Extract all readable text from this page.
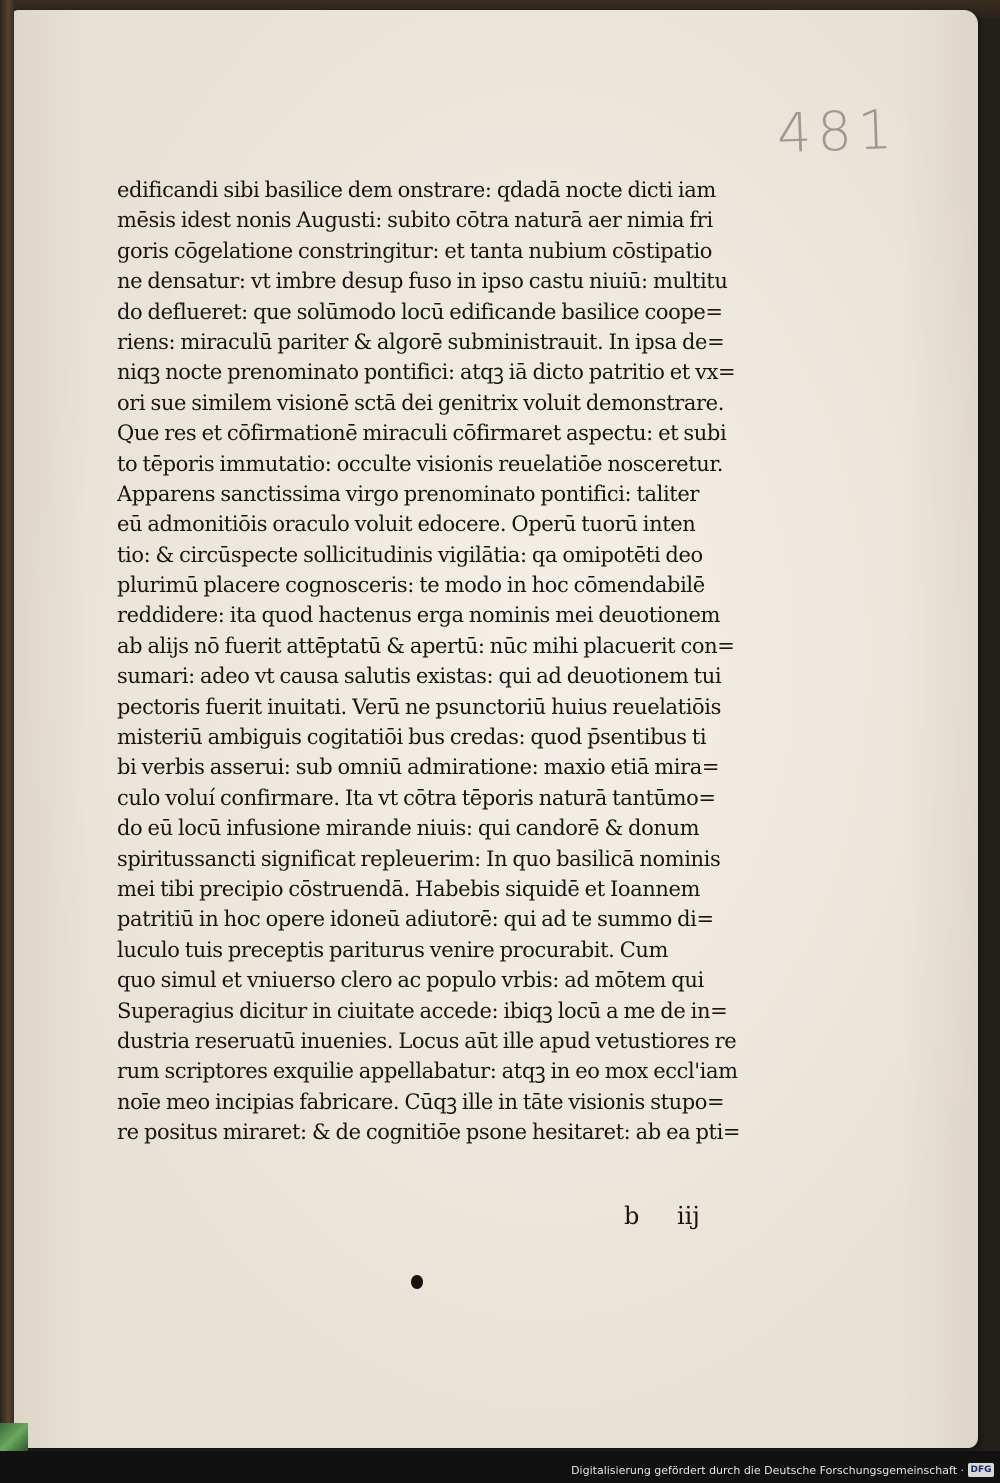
481
edificandi sibi basilice dem onstrare: qdadā nocte dicti iam
mēsis idest nonis Augusti: subito cōtra naturā aer nimia fri
goris cōgelatione constringitur: et tanta nubium cōstipatio
ne densatur: vt imbre desup fuso in ipso castu niuiū: multitu
do deflueret: que solūmodo locū edificande basilice coope=
riens: miraculū pariter & algorē subministrauit. In ipsa de=
niqꝫ nocte prenominato pontifici: atqꝫ iā dicto patritio et vx=
ori sue similem visionē sctā dei genitrix voluit demonstrare.
Que res et cōfirmationē miraculi cōfirmaret aspectu: et subi
to tēporis immutatio: occulte visionis reuelatiōe nosceretur.
Apparens sanctissima virgo prenominato pontifici: taliter
eū admonitiōis oraculo voluit edocere. Operū tuorū inten
tio: & circūspecte sollicitudinis vigilātia: qa omipotēti deo
plurimū placere cognosceris: te modo in hoc cōmendabilē
reddidere: ita quod hactenus erga nominis mei deuotionem
ab alijs nō fuerit attēptatū & apertū: nūc mihi placuerit con=
sumari: adeo vt causa salutis existas: qui ad deuotionem tui
pectoris fuerit inuitati. Verū ne psunctoriū huius reuelatiōis
misteriū ambiguis cogitatiōi bus credas: quod p̄sentibus ti
bi verbis asserui: sub omniū admiratione: maxio etiā mira=
culo voluí confirmare. Ita vt cōtra tēporis naturā tantūmo=
do eū locū infusione mirande niuis: qui candorē & donum
spiritussancti significat repleuerim: In quo basilicā nominis
mei tibi precipio cōstruendā. Habebis siquidē et Ioannem
patritiū in hoc opere idoneū adiutorē: qui ad te summo di=
luculo tuis preceptis pariturus venire procurabit. Cum
quo simul et vniuerso clero ac populo vrbis: ad mōtem qui
Superagius dicitur in ciuitate accede: ibiqꝫ locū a me de in=
dustria reseruatū inuenies. Locus aūt ille apud vetustiores re
rum scriptores exquilie appellabatur: atqꝫ in eo mox eccl'iam
noīe meo incipias fabricare. Cūqꝫ ille in tāte visionis stupo=
re positus miraret: & de cognitiōe psone hesitaret: ab ea pti=
b iij
Digitalisierung gefördert durch die Deutsche Forschungsgemeinschaft · DFG
